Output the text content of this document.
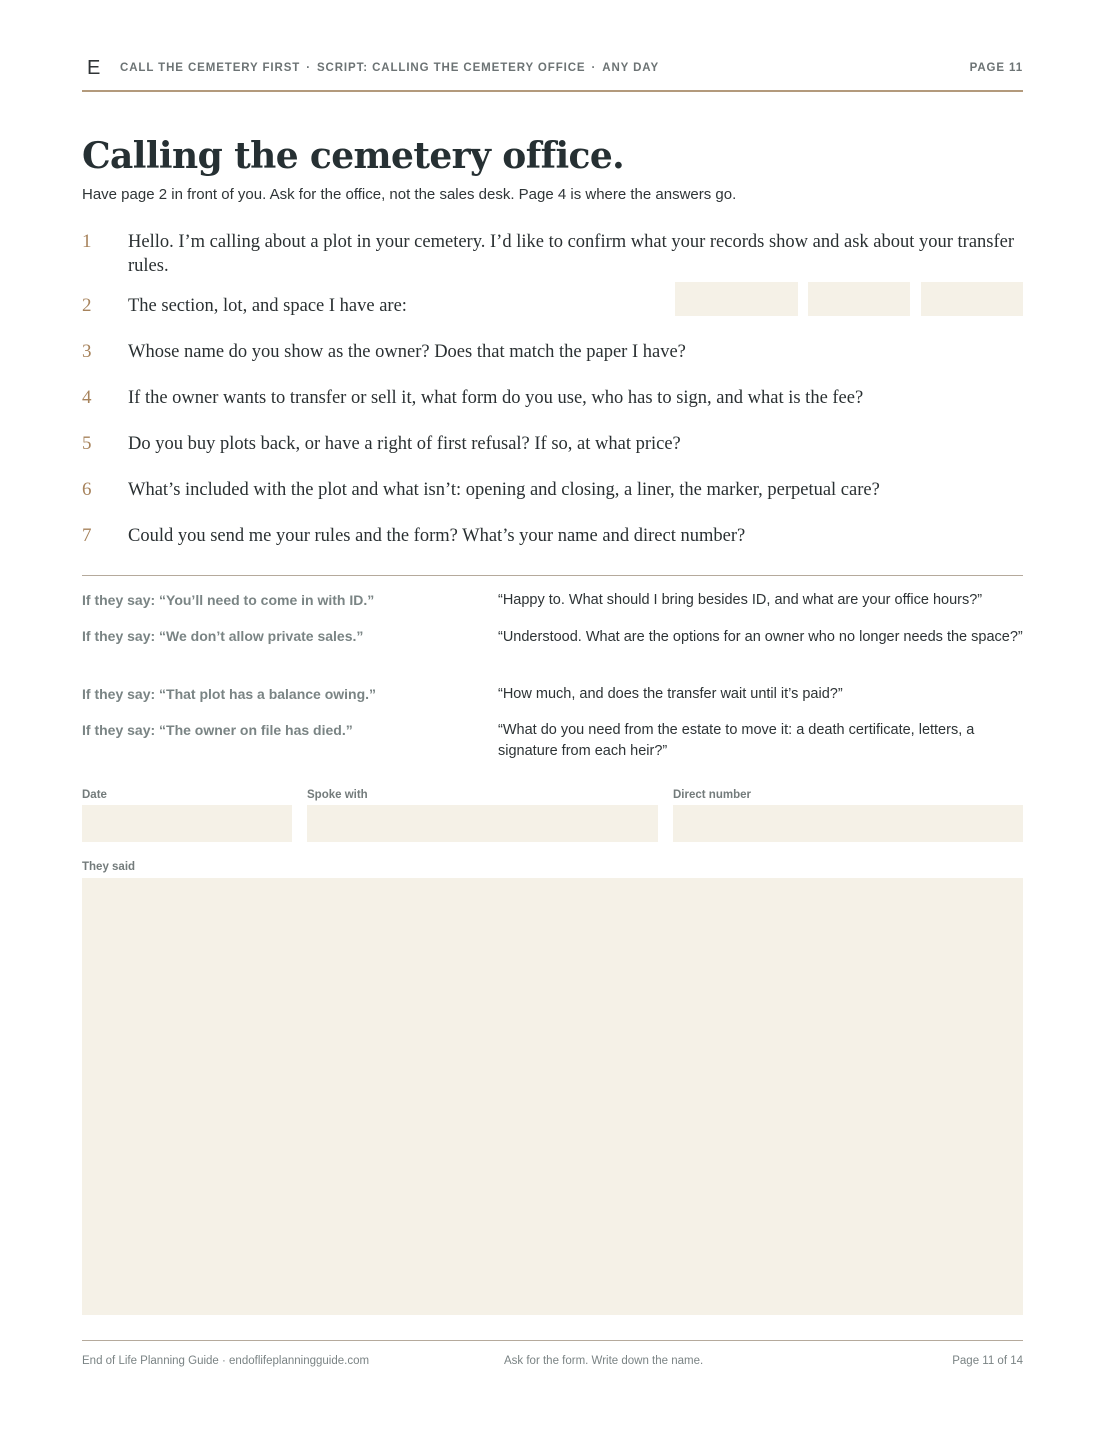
E CALL THE CEMETERY FIRST · SCRIPT: CALLING THE CEMETERY OFFICE · ANY DAY	PAGE 11
Calling the cemetery office.
Have page 2 in front of you. Ask for the office, not the sales desk. Page 4 is where the answers go.
1 Hello. I’m calling about a plot in your cemetery. I’d like to confirm what your records show and ask about your transfer rules.
2 The section, lot, and space I have are:
3 Whose name do you show as the owner? Does that match the paper I have?
4 If the owner wants to transfer or sell it, what form do you use, who has to sign, and what is the fee?
5 Do you buy plots back, or have a right of first refusal? If so, at what price?
6 What’s included with the plot and what isn’t: opening and closing, a liner, the marker, perpetual care?
7 Could you send me your rules and the form? What’s your name and direct number?
If they say: “You’ll need to come in with ID.”	“Happy to. What should I bring besides ID, and what are your office hours?”
If they say: “We don’t allow private sales.”	“Understood. What are the options for an owner who no longer needs the space?”
If they say: “That plot has a balance owing.”	“How much, and does the transfer wait until it’s paid?”
If they say: “The owner on file has died.”	“What do you need from the estate to move it: a death certificate, letters, a signature from each heir?”
Date	Spoke with	Direct number
They said
End of Life Planning Guide · endoflifeplanningguide.com	Ask for the form. Write down the name.	Page 11 of 14
